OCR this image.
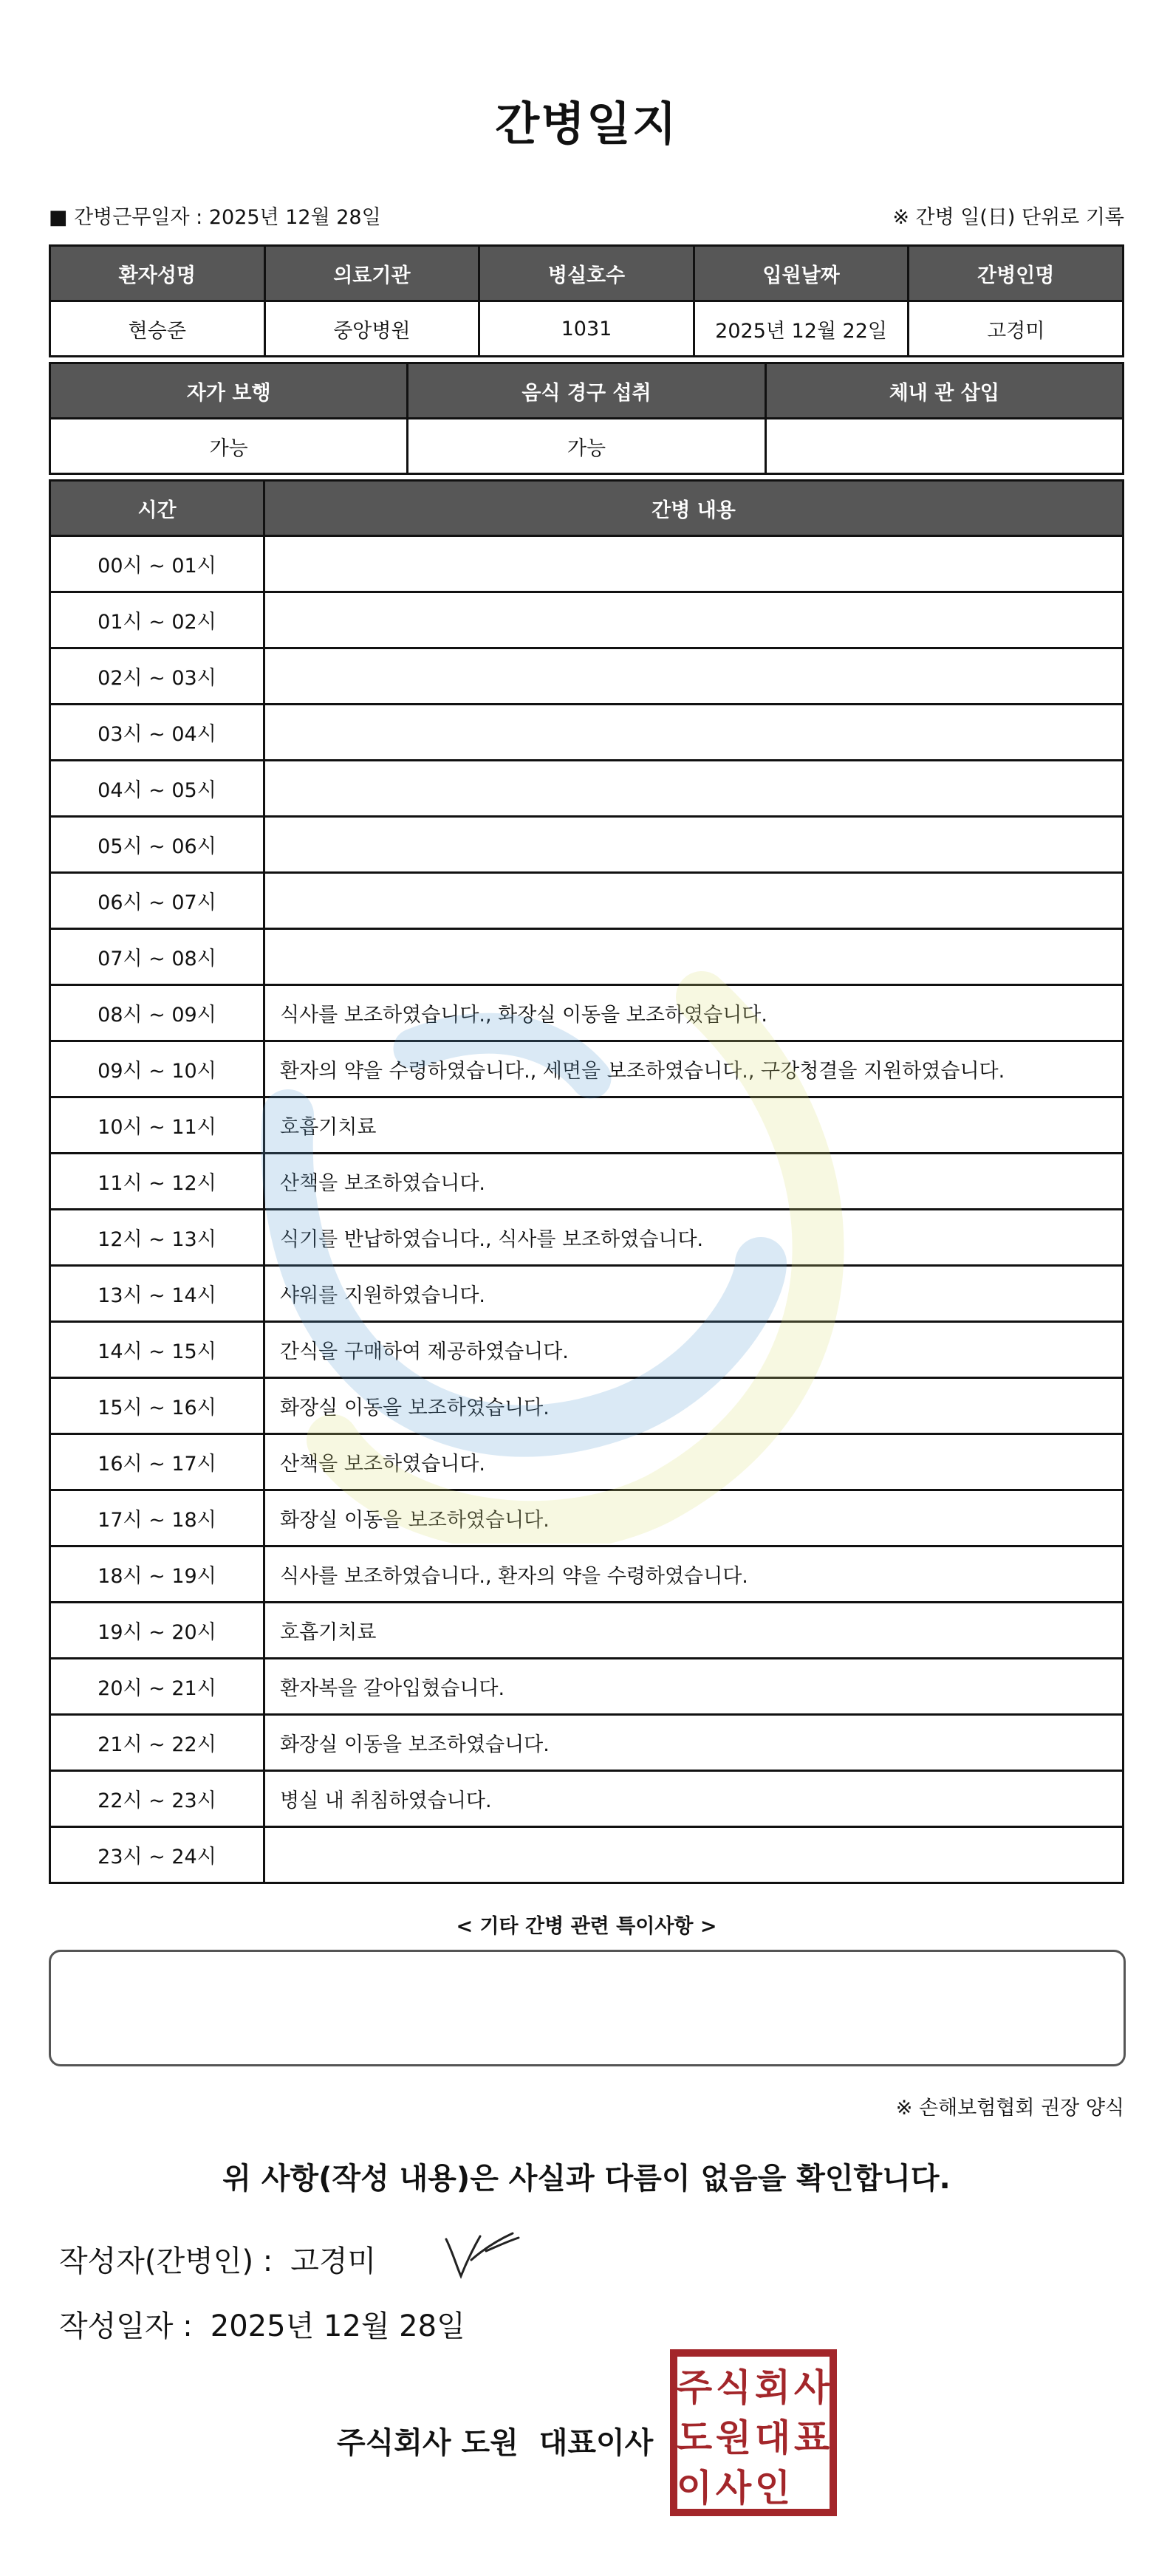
간병일지
■ 간병근무일자 : 2025년 12월 28일	※ 간병 일(日) 단위로 기록
환자성명	의료기관	병실호수	입원날짜	간병인명
현승준	중앙병원	1031	2025년 12월 22일	고경미
자가 보행	음식 경구 섭취	체내 관 삽입
가능	가능	
시간	간병 내용
00시 ~ 01시	
01시 ~ 02시	
02시 ~ 03시	
03시 ~ 04시	
04시 ~ 05시	
05시 ~ 06시	
06시 ~ 07시	
07시 ~ 08시	
08시 ~ 09시	식사를 보조하였습니다., 화장실 이동을 보조하였습니다.
09시 ~ 10시	환자의 약을 수령하였습니다., 세면을 보조하였습니다., 구강청결을 지원하였습니다.
10시 ~ 11시	호흡기치료
11시 ~ 12시	산책을 보조하였습니다.
12시 ~ 13시	식기를 반납하였습니다., 식사를 보조하였습니다.
13시 ~ 14시	샤워를 지원하였습니다.
14시 ~ 15시	간식을 구매하여 제공하였습니다.
15시 ~ 16시	화장실 이동을 보조하였습니다.
16시 ~ 17시	산책을 보조하였습니다.
17시 ~ 18시	화장실 이동을 보조하였습니다.
18시 ~ 19시	식사를 보조하였습니다., 환자의 약을 수령하였습니다.
19시 ~ 20시	호흡기치료
20시 ~ 21시	환자복을 갈아입혔습니다.
21시 ~ 22시	화장실 이동을 보조하였습니다.
22시 ~ 23시	병실 내 취침하였습니다.
23시 ~ 24시	
< 기타 간병 관련 특이사항 >
※ 손해보험협회 권장 양식
위 사항(작성 내용)은 사실과 다름이 없음을 확인합니다.
작성자(간병인) : 고경미
작성일자 : 2025년 12월 28일
주식회사 도원 대표이사
주 식 회 사
도 원 대 표
이 사 인
